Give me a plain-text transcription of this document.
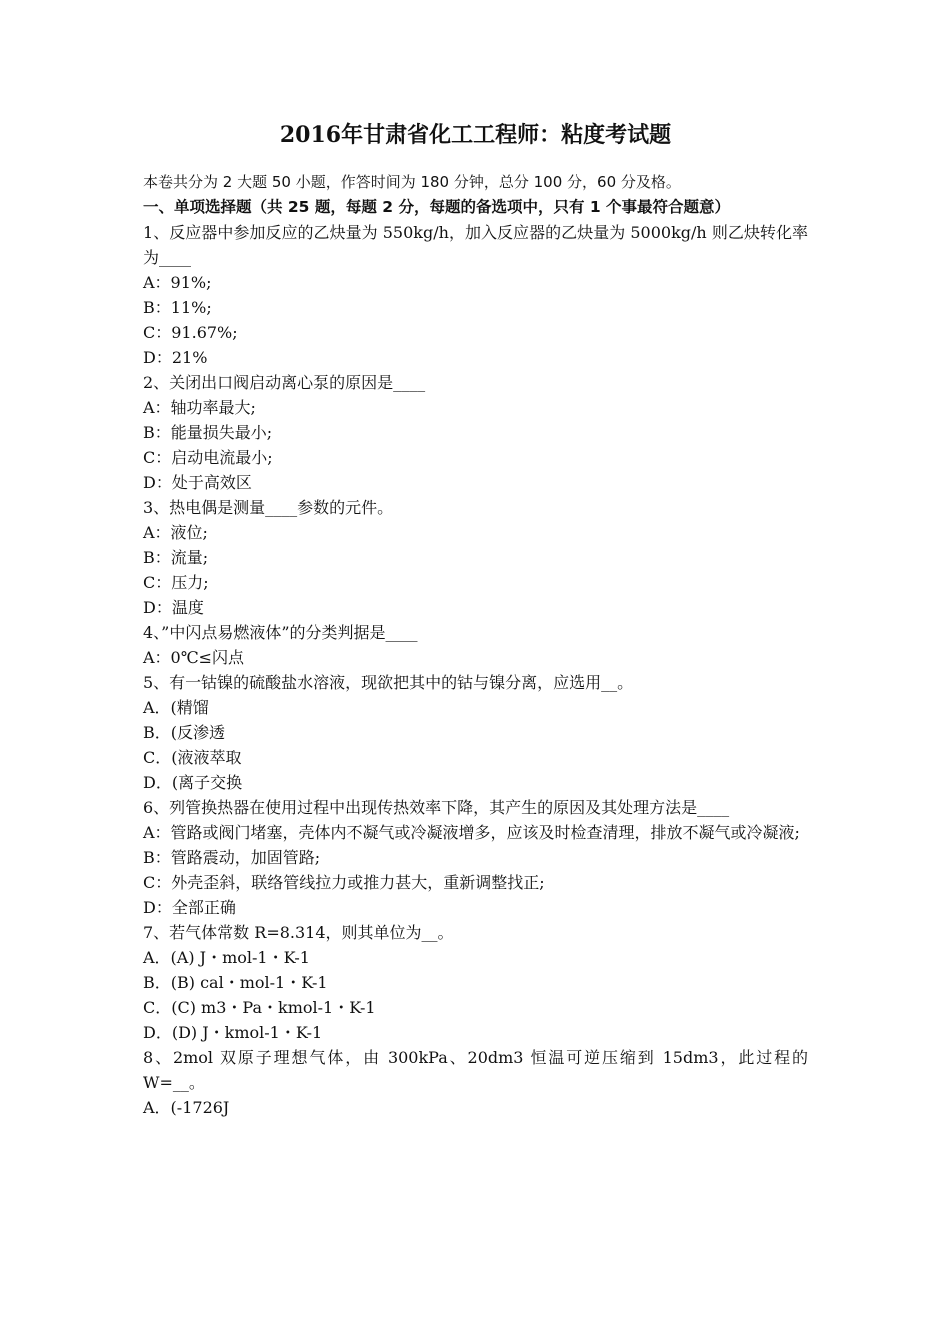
2016年甘肃省化工工程师：粘度考试题

本卷共分为 2 大题 50 小题，作答时间为 180 分钟，总分 100 分，60 分及格。

一、单项选择题（共 25 题，每题 2 分，每题的备选项中，只有 1 个事最符合题意）

1、反应器中参加反应的乙炔量为 550kg/h，加入反应器的乙炔量为 5000kg/h 则乙炔转化率为____

A：91%;

B：11%;

C：91.67%;

D：21%

2、关闭出口阀启动离心泵的原因是____

A：轴功率最大;

B：能量损失最小;

C：启动电流最小;

D：处于高效区

3、热电偶是测量____参数的元件。

A：液位;

B：流量;

C：压力;

D：温度

4、”中闪点易燃液体”的分类判据是____

A：0℃≤闪点

5、有一钴镍的硫酸盐水溶液，现欲把其中的钴与镍分离，应选用__。

A．(精馏

B．(反渗透

C．(液液萃取

D．(离子交换

6、列管换热器在使用过程中出现传热效率下降，其产生的原因及其处理方法是____

A：管路或阀门堵塞，壳体内不凝气或冷凝液增多，应该及时检查清理，排放不凝气或冷凝液;

B：管路震动，加固管路;

C：外壳歪斜，联络管线拉力或推力甚大，重新调整找正;

D：全部正确

7、若气体常数 R=8.314，则其单位为__。

A．(A) J・mol-1・K-1

B．(B) cal・mol-1・K-1

C．(C) m3・Pa・kmol-1・K-1

D．(D) J・kmol-1・K-1

8、2mol 双原子理想气体，由 300kPa、20dm3 恒温可逆压缩到 15dm3，此过程的 W=__。

A．(-1726J
